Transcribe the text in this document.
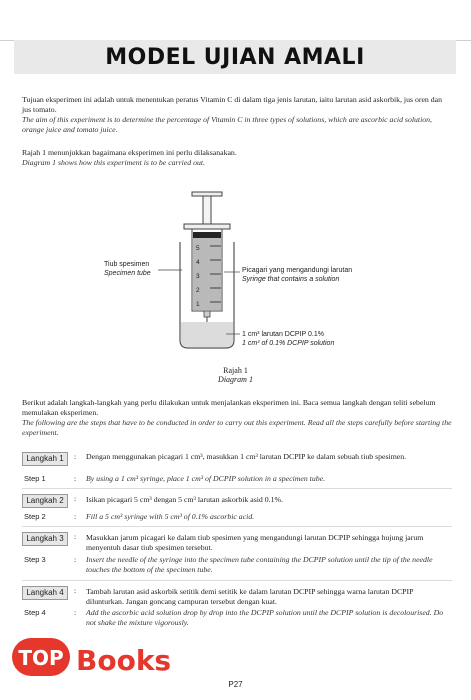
MODEL UJIAN AMALI
Tujuan eksperimen ini adalah untuk menentukan peratus Vitamin C di dalam tiga jenis larutan, iaitu larutan asid askorbik, jus oren dan jus tomato.
The aim of this experiment is to determine the percentage of Vitamin C in three types of solutions, which are ascorbic acid solution, orange juice and tomato juice.
Rajah 1 menunjukkan bagaimana eksperimen ini perlu dilaksanakan.
Diagram 1 shows how this experiment is to be carried out.
5
4
3
2
1
Tiub spesimen
Specimen tube	Picagari yang mengandungi larutan
Syringe that contains a solution
1 cm³ larutan DCPIP 0.1%
1 cm³ of 0.1% DCPIP solution
Rajah 1
Diagram 1
Berikut adalah langkah-langkah yang perlu dilakukan untuk menjalankan eksperimen ini. Baca semua langkah dengan teliti sebelum memulakan eksperimen.
The following are the steps that have to be conducted in order to carry out this experiment. Read all the steps carefully before starting the experiment.
Langkah 1	: Dengan menggunakan picagari 1 cm³, masukkan 1 cm³ larutan DCPIP ke dalam sebuah tiub spesimen.
Step 1	: By using a 1 cm³ syringe, place 1 cm³ of DCPIP solution in a specimen tube.
Langkah 2	: Isikan picagari 5 cm³ dengan 5 cm³ larutan askorbik asid 0.1%.
Step 2	: Fill a 5 cm³ syringe with 5 cm³ of 0.1% ascorbic acid.
Langkah 3	: Masukkan jarum picagari ke dalam tiub spesimen yang mengandungi larutan DCPIP sehingga hujung jarum menyentuh dasar tiub spesimen tersebut.
Step 3	: Insert the needle of the syringe into the specimen tube containing the DCPIP solution until the tip of the needle touches the bottom of the specimen tube.
Langkah 4	: Tambah larutan asid askorbik setitik demi setitik ke dalam larutan DCPIP sehingga warna larutan DCPIP dilunturkan. Jangan goncang campuran tersebut dengan kuat.
Step 4	: Add the ascorbic acid solution drop by drop into the DCPIP solution until the DCPIP solution is decolourised. Do not shake the mixture vigorously.
TOP Books
P27
